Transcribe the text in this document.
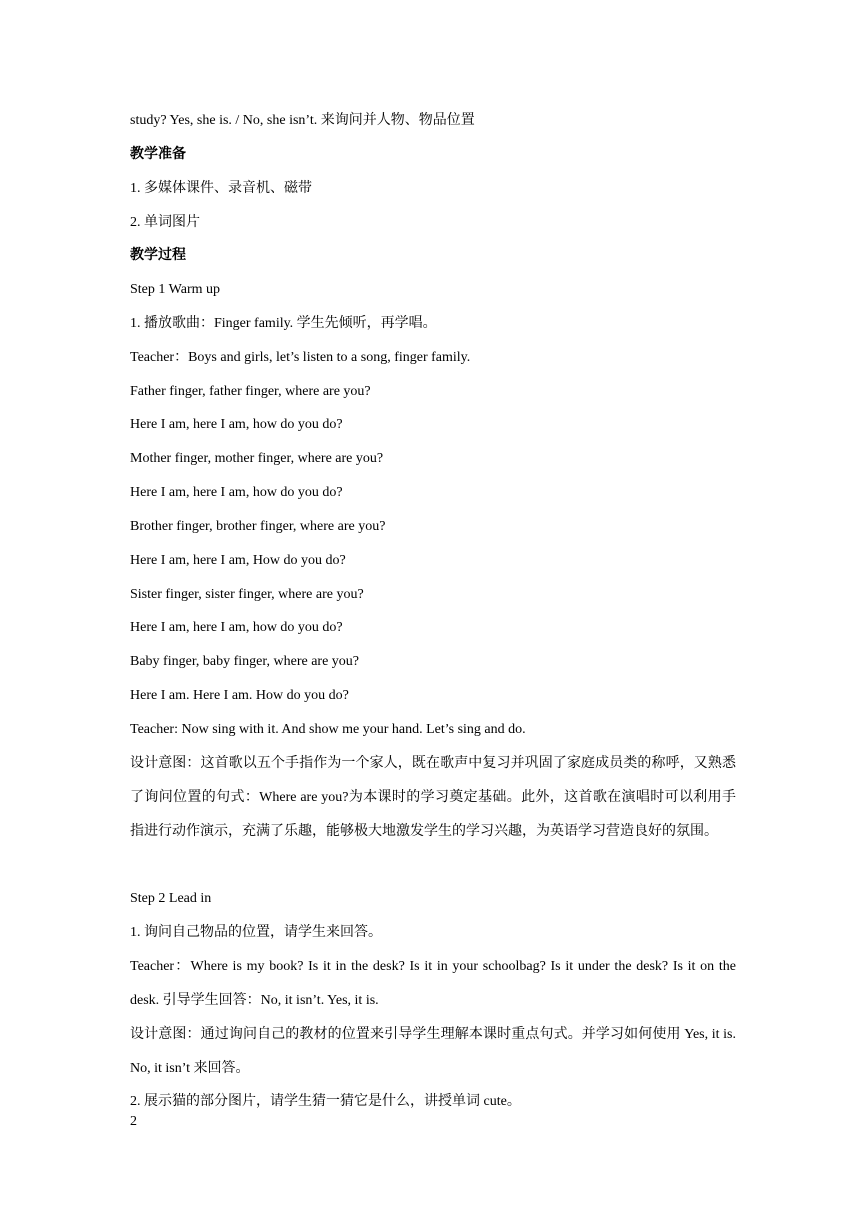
study? Yes, she is. / No, she isn’t. 来询问并人物、物品位置
教学准备
1. 多媒体课件、录音机、磁带
2. 单词图片
教学过程
Step 1 Warm up
1. 播放歌曲：Finger family. 学生先倾听，再学唱。
Teacher：Boys and girls, let’s listen to a song, finger family.
Father finger, father finger, where are you?
Here I am, here I am, how do you do?
Mother finger, mother finger, where are you?
Here I am, here I am, how do you do?
Brother finger, brother finger, where are you?
Here I am, here I am, How do you do?
Sister finger, sister finger, where are you?
Here I am, here I am, how do you do?
Baby finger, baby finger, where are you?
Here I am. Here I am. How do you do?
Teacher: Now sing with it. And show me your hand. Let’s sing and do.
设计意图：这首歌以五个手指作为一个家人，既在歌声中复习并巩固了家庭成员类的称呼，又熟悉了询问位置的句式：Where are you?为本课时的学习奠定基础。此外，这首歌在演唱时可以利用手指进行动作演示，充满了乐趣，能够极大地激发学生的学习兴趣，为英语学习营造良好的氛围。
Step 2 Lead in
1. 询问自己物品的位置，请学生来回答。
Teacher：Where is my book? Is it in the desk? Is it in your schoolbag? Is it under the desk? Is it on the desk. 引导学生回答：No, it isn’t. Yes, it is.
设计意图：通过询问自己的教材的位置来引导学生理解本课时重点句式。并学习如何使用 Yes, it is. No, it isn’t 来回答。
2. 展示猫的部分图片，请学生猜一猜它是什么，讲授单词 cute。
2
